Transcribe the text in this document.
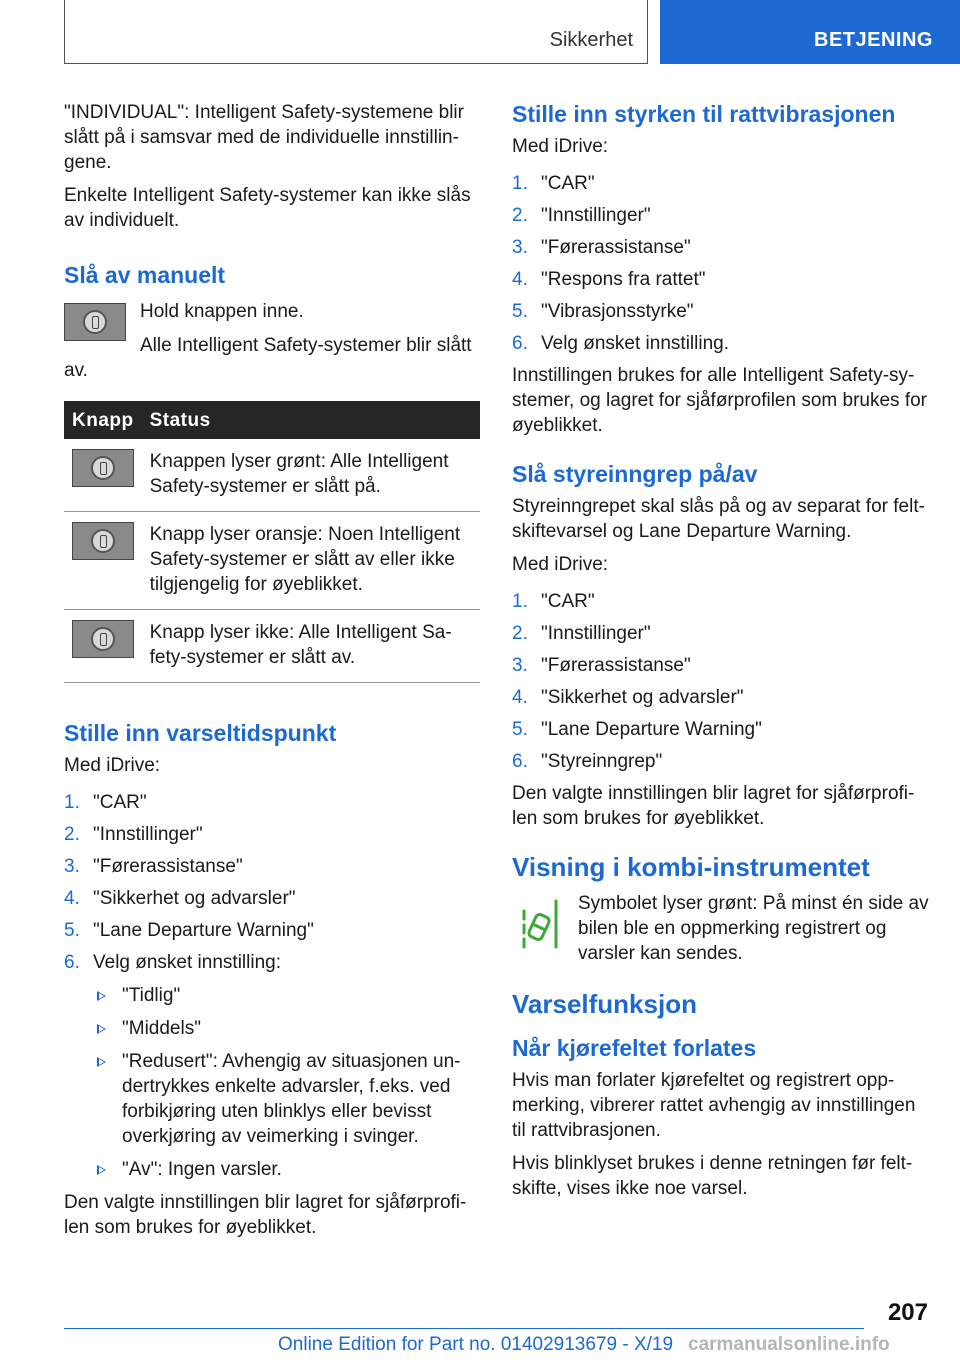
Sikkerhet	BETJENING

"INDIVIDUAL": Intelligent Safety-systemene blir slått på i samsvar med de individuelle innstillingene.

Enkelte Intelligent Safety-systemer kan ikke slås av individuelt.

Slå av manuelt
Hold knappen inne.
Alle Intelligent Safety-systemer blir slått av.
Knapp	Status

	Knappen lyser grønt: Alle Intelligent Safety-systemer er slått på.

	Knapp lyser oransje: Noen Intelligent Safety-systemer er slått av eller ikke tilgjengelig for øyeblikket.

	Knapp lyser ikke: Alle Intelligent Safety-systemer er slått av.
Stille inn varseltidspunkt

Med iDrive:

1. "CAR"
2. "Innstillinger"
3. "Førerassistanse"
4. "Sikkerhet og advarsler"
5. "Lane Departure Warning"
6. Velg ønsket innstilling:
"Tidlig"
"Middels"
"Redusert": Avhengig av situasjonen undertrykkes enkelte advarsler, f.eks. ved forbikjøring uten blinklys eller bevisst overkjøring av veimerking i svinger.
"Av": Ingen varsler.

Den valgte innstillingen blir lagret for sjåførprofilen som brukes for øyeblikket.

Stille inn styrken til rattvibrasjonen

Med iDrive:

1. "CAR"
2. "Innstillinger"
3. "Førerassistanse"
4. "Respons fra rattet"
5. "Vibrasjonsstyrke"
6. Velg ønsket innstilling.

Innstillingen brukes for alle Intelligent Safety-systemer, og lagret for sjåførprofilen som brukes for øyeblikket.

Slå styreinngrep på/av

Styreinngrepet skal slås på og av separat for feltskiftevarsel og Lane Departure Warning.

Med iDrive:

1. "CAR"
2. "Innstillinger"
3. "Førerassistanse"
4. "Sikkerhet og advarsler"
5. "Lane Departure Warning"
6. "Styreinngrep"

Den valgte innstillingen blir lagret for sjåførprofilen som brukes for øyeblikket.

Visning i kombi-instrumentet
Symbolet lyser grønt: På minst én side av bilen ble en oppmerking registrert og varsler kan sendes.
Varselfunksjon
Når kjørefeltet forlates

Hvis man forlater kjørefeltet og registrert oppmerking, vibrerer rattet avhengig av innstillingen til rattvibrasjonen.

Hvis blinklyset brukes i denne retningen før feltskifte, vises ikke noe varsel.

207
Online Edition for Part no. 01402913679 - X/19 carmanualsonline.info
